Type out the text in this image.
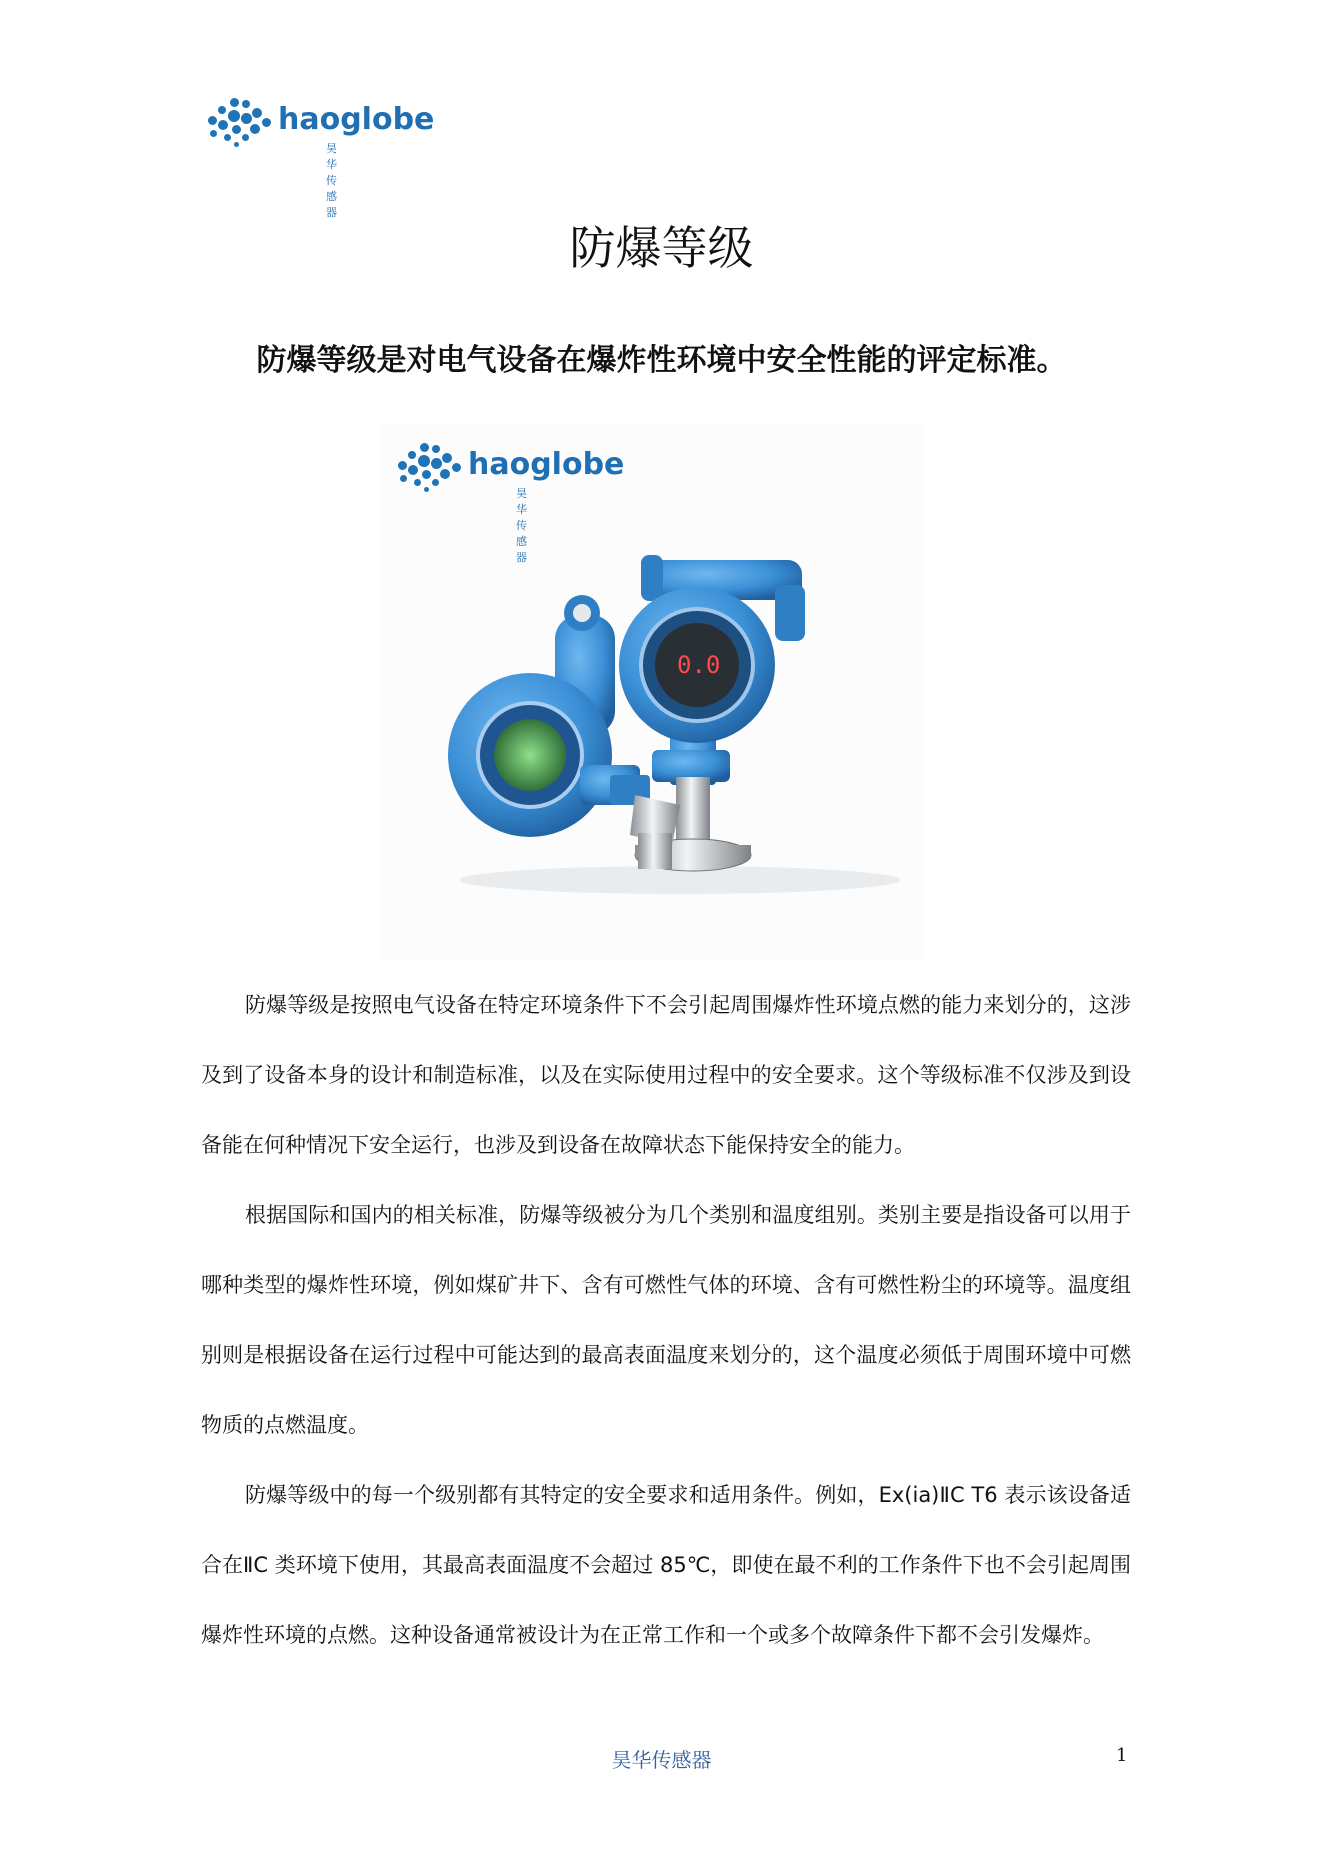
haoglobe
昊华传感器
防爆等级
防爆等级是对电气设备在爆炸性环境中安全性能的评定标准。
0.0
haoglobe
昊华传感器

防爆等级是按照电气设备在特定环境条件下不会引起周围爆炸性环境点燃的能力来划分的，这涉及到了设备本身的设计和制造标准，以及在实际使用过程中的安全要求。这个等级标准不仅涉及到设备能在何种情况下安全运行，也涉及到设备在故障状态下能保持安全的能力。

根据国际和国内的相关标准，防爆等级被分为几个类别和温度组别。类别主要是指设备可以用于哪种类型的爆炸性环境，例如煤矿井下、含有可燃性气体的环境、含有可燃性粉尘的环境等。温度组别则是根据设备在运行过程中可能达到的最高表面温度来划分的，这个温度必须低于周围环境中可燃物质的点燃温度。

防爆等级中的每一个级别都有其特定的安全要求和适用条件。例如，Ex(ia)ⅡC T6 表示该设备适合在ⅡC 类环境下使用，其最高表面温度不会超过 85℃，即使在最不利的工作条件下也不会引起周围爆炸性环境的点燃。这种设备通常被设计为在正常工作和一个或多个故障条件下都不会引发爆炸。

昊华传感器	1
